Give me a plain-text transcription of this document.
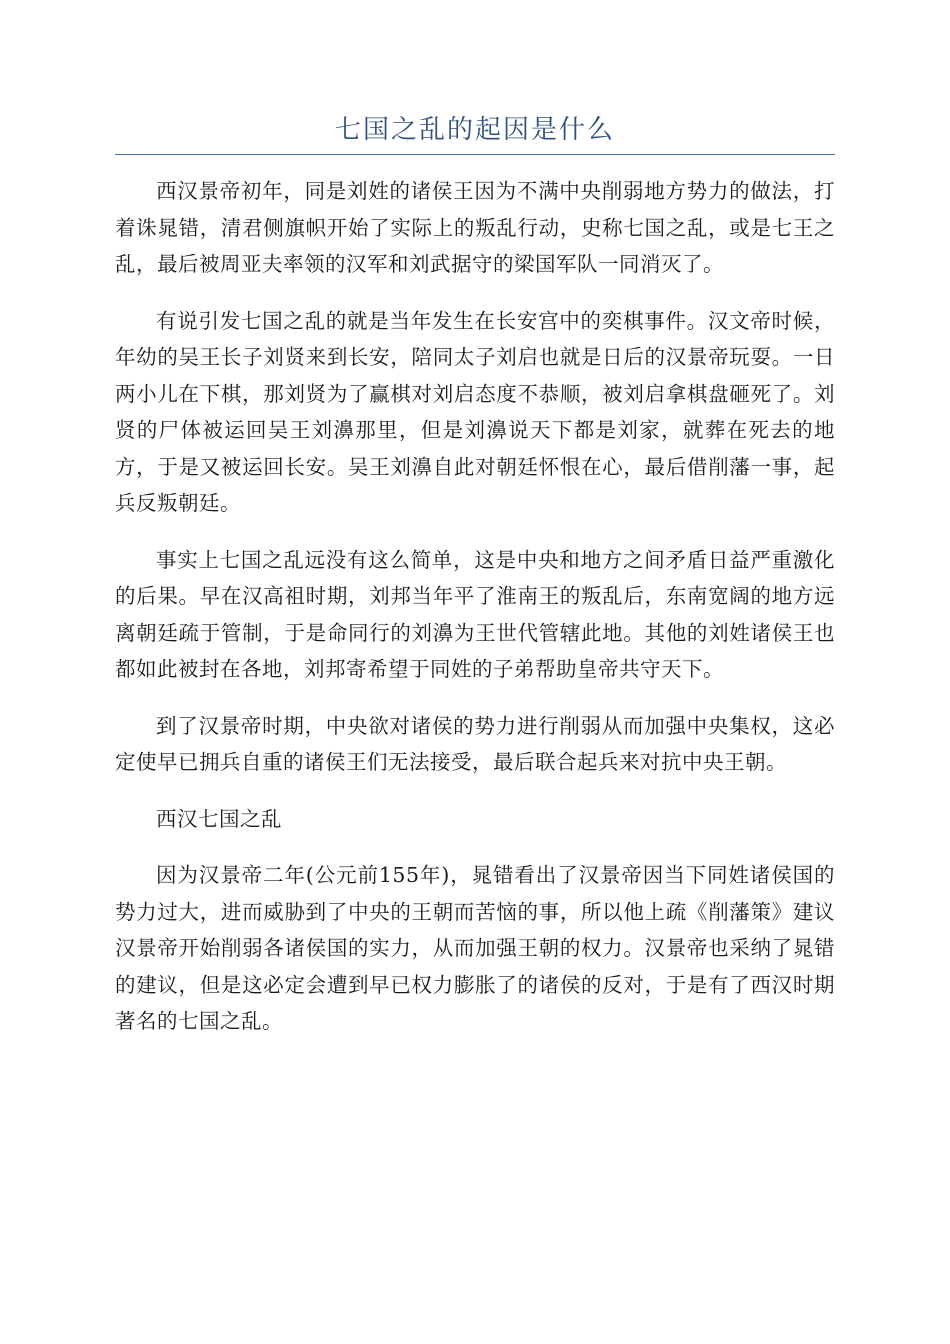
七国之乱的起因是什么

西汉景帝初年，同是刘姓的诸侯王因为不满中央削弱地方势力的做法，打着诛晁错，清君侧旗帜开始了实际上的叛乱行动，史称七国之乱，或是七王之乱，最后被周亚夫率领的汉军和刘武据守的梁国军队一同消灭了。

有说引发七国之乱的就是当年发生在长安宫中的奕棋事件。汉文帝时候，年幼的吴王长子刘贤来到长安，陪同太子刘启也就是日后的汉景帝玩耍。一日两小儿在下棋，那刘贤为了赢棋对刘启态度不恭顺，被刘启拿棋盘砸死了。刘贤的尸体被运回吴王刘濞那里，但是刘濞说天下都是刘家，就葬在死去的地方，于是又被运回长安。吴王刘濞自此对朝廷怀恨在心，最后借削藩一事，起兵反叛朝廷。

事实上七国之乱远没有这么简单，这是中央和地方之间矛盾日益严重激化的后果。早在汉高祖时期，刘邦当年平了淮南王的叛乱后，东南宽阔的地方远离朝廷疏于管制，于是命同行的刘濞为王世代管辖此地。其他的刘姓诸侯王也都如此被封在各地，刘邦寄希望于同姓的子弟帮助皇帝共守天下。

到了汉景帝时期，中央欲对诸侯的势力进行削弱从而加强中央集权，这必定使早已拥兵自重的诸侯王们无法接受，最后联合起兵来对抗中央王朝。

西汉七国之乱

因为汉景帝二年(公元前155年)，晁错看出了汉景帝因当下同姓诸侯国的势力过大，进而威胁到了中央的王朝而苦恼的事，所以他上疏《削藩策》建议汉景帝开始削弱各诸侯国的实力，从而加强王朝的权力。汉景帝也采纳了晁错的建议，但是这必定会遭到早已权力膨胀了的诸侯的反对，于是有了西汉时期著名的七国之乱。
